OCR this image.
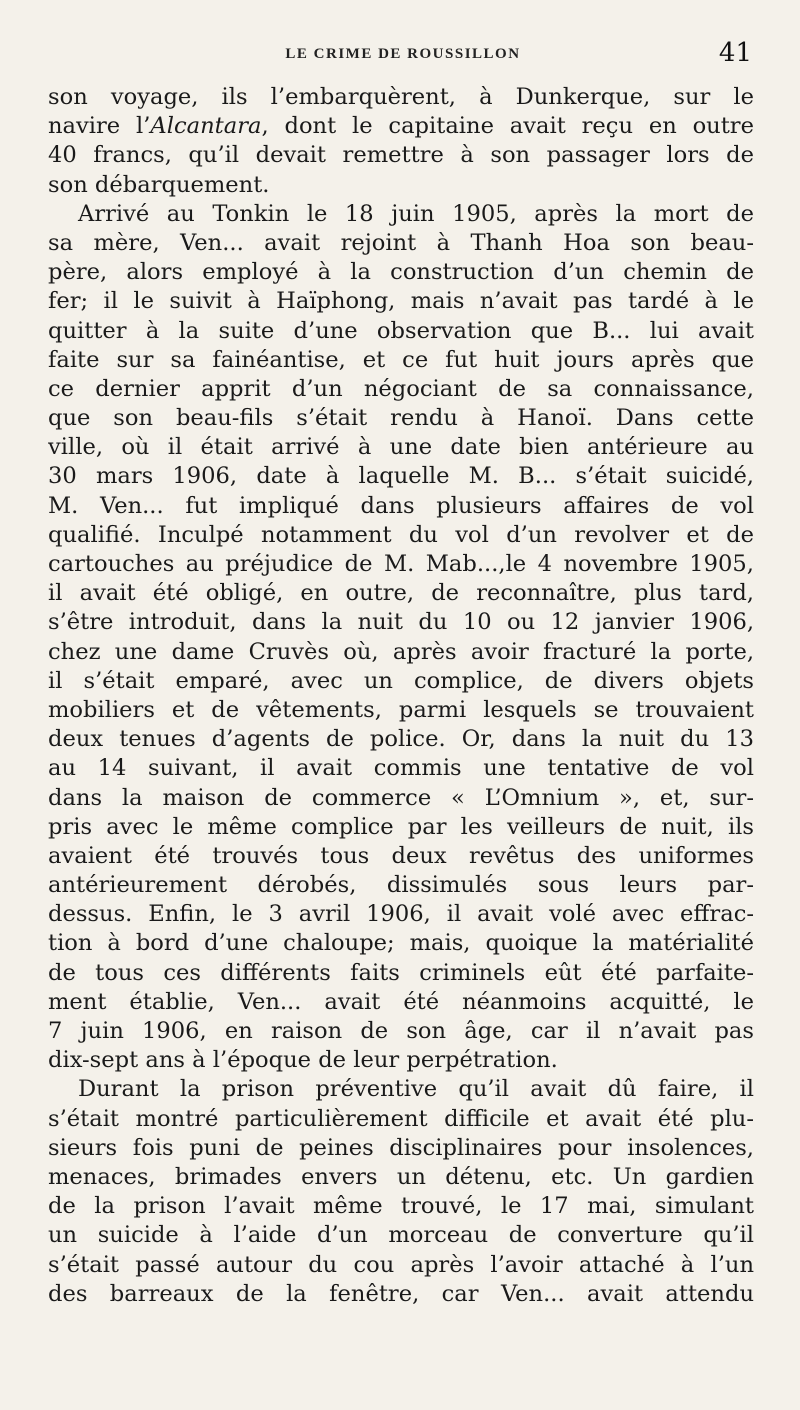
LE CRIME DE ROUSSILLON	41
son voyage, ils l’embarquèrent, à Dunkerque, sur le
navire l’Alcantara, dont le capitaine avait reçu en outre
40 francs, qu’il devait remettre à son passager lors de
son débarquement.
Arrivé au Tonkin le 18 juin 1905, après la mort de
sa mère, Ven... avait rejoint à Thanh Hoa son beau-
père, alors employé à la construction d’un chemin de
fer; il le suivit à Haïphong, mais n’avait pas tardé à le
quitter à la suite d’une observation que B... lui avait
faite sur sa fainéantise, et ce fut huit jours après que
ce dernier apprit d’un négociant de sa connaissance,
que son beau-fils s’était rendu à Hanoï. Dans cette
ville, où il était arrivé à une date bien antérieure au
30 mars 1906, date à laquelle M. B... s’était suicidé,
M. Ven... fut impliqué dans plusieurs affaires de vol
qualifié. Inculpé notamment du vol d’un revolver et de
cartouches au préjudice de M. Mab...,le 4 novembre 1905,
il avait été obligé, en outre, de reconnaître, plus tard,
s’être introduit, dans la nuit du 10 ou 12 janvier 1906,
chez une dame Cruvès où, après avoir fracturé la porte,
il s’était emparé, avec un complice, de divers objets
mobiliers et de vêtements, parmi lesquels se trouvaient
deux tenues d’agents de police. Or, dans la nuit du 13
au 14 suivant, il avait commis une tentative de vol
dans la maison de commerce « L’Omnium », et, sur-
pris avec le même complice par les veilleurs de nuit, ils
avaient été trouvés tous deux revêtus des uniformes
antérieurement dérobés, dissimulés sous leurs par-
dessus. Enfin, le 3 avril 1906, il avait volé avec effrac-
tion à bord d’une chaloupe; mais, quoique la matérialité
de tous ces différents faits criminels eût été parfaite-
ment établie, Ven... avait été néanmoins acquitté, le
7 juin 1906, en raison de son âge, car il n’avait pas
dix-sept ans à l’époque de leur perpétration.
Durant la prison préventive qu’il avait dû faire, il
s’était montré particulièrement difficile et avait été plu-
sieurs fois puni de peines disciplinaires pour insolences,
menaces, brimades envers un détenu, etc. Un gardien
de la prison l’avait même trouvé, le 17 mai, simulant
un suicide à l’aide d’un morceau de converture qu’il
s’était passé autour du cou après l’avoir attaché à l’un
des barreaux de la fenêtre, car Ven... avait attendu
